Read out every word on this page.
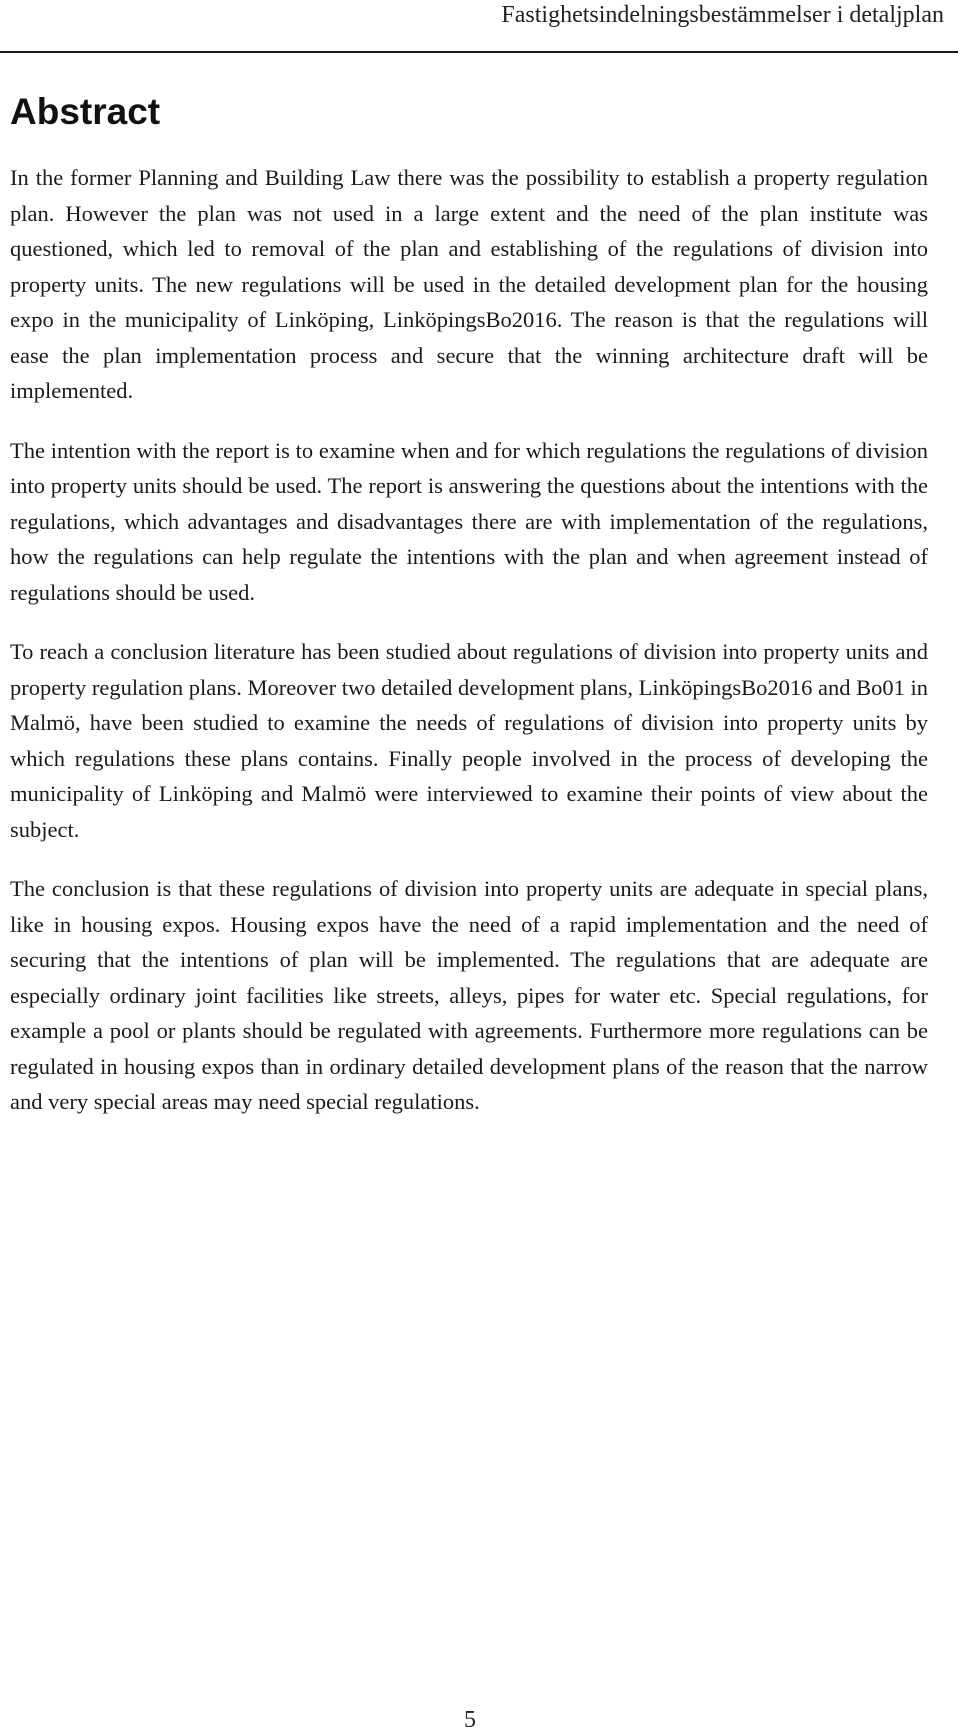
Fastighetsindelningsbestämmelser i detaljplan
Abstract

In the former Planning and Building Law there was the possibility to establish a property regulation plan. However the plan was not used in a large extent and the need of the plan institute was questioned, which led to removal of the plan and establishing of the regulations of division into property units. The new regulations will be used in the detailed development plan for the housing expo in the municipality of Linköping, LinköpingsBo2016. The reason is that the regulations will ease the plan implementation process and secure that the winning architecture draft will be implemented.

The intention with the report is to examine when and for which regulations the regulations of division into property units should be used. The report is answering the questions about the intentions with the regulations, which advantages and disadvantages there are with implementation of the regulations, how the regulations can help regulate the intentions with the plan and when agreement instead of regulations should be used.

To reach a conclusion literature has been studied about regulations of division into property units and property regulation plans. Moreover two detailed development plans, LinköpingsBo2016 and Bo01 in Malmö, have been studied to examine the needs of regulations of division into property units by which regulations these plans contains. Finally people involved in the process of developing the municipality of Linköping and Malmö were interviewed to examine their points of view about the subject.

The conclusion is that these regulations of division into property units are adequate in special plans, like in housing expos. Housing expos have the need of a rapid implementation and the need of securing that the intentions of plan will be implemented. The regulations that are adequate are especially ordinary joint facilities like streets, alleys, pipes for water etc. Special regulations, for example a pool or plants should be regulated with agreements. Furthermore more regulations can be regulated in housing expos than in ordinary detailed development plans of the reason that the narrow and very special areas may need special regulations.

5
